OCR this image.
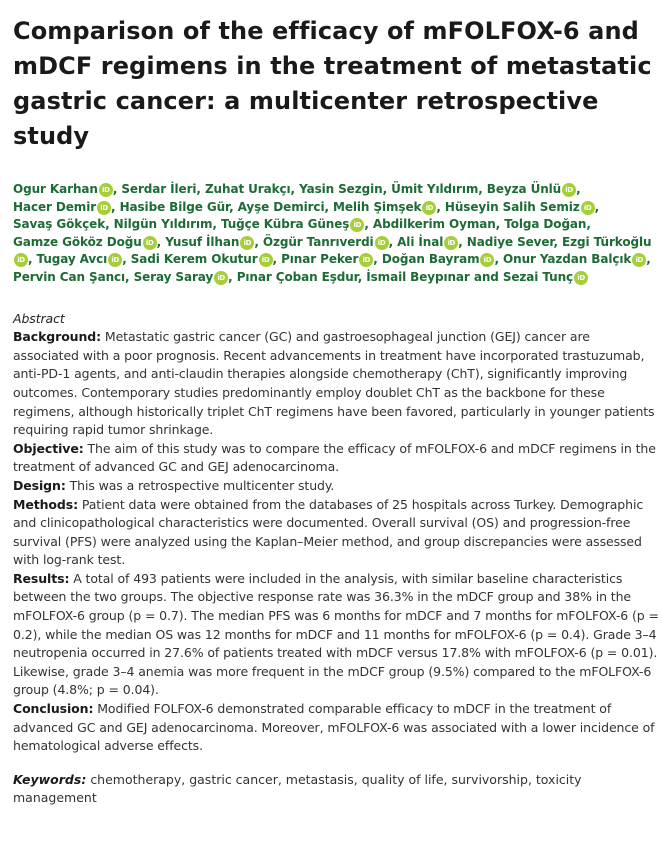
Comparison of the efficacy of mFOLFOX-6 and mDCF regimens in the treatment of metastatic gastric cancer: a multicenter retrospective study
Ogur Karhan iD , Serdar İleri, Zuhat Urakçı, Yasin Sezgin, Ümit Yıldırım, Beyza Ünlü iD , Hacer Demir iD , Hasibe Bilge Gür, Ayşe Demirci, Melih Şimşek iD , Hüseyin Salih Semiz iD , Savaş Gökçek, Nilgün Yıldırım, Tuğçe Kübra Güneş iD , Abdilkerim Oyman, Tolga Doğan, Gamze Gököz Doğu iD , Yusuf İlhan iD , Özgür Tanrıverdi iD , Ali İnal iD , Nadiye Sever, Ezgi TürkoğluiD , Tugay Avcı iD , Sadi Kerem Okutur iD , Pınar Peker iD , Doğan Bayram iD , Onur Yazdan Balçık iD , Pervin Can Şancı, Seray Saray iD , Pınar Çoban Eşdur, İsmail Beypınar and Sezai Tunç iD
Abstract

Background: Metastatic gastric cancer (GC) and gastroesophageal junction (GEJ) cancer are associated with a poor prognosis. Recent advancements in treatment have incorporated trastuzumab, anti-PD-1 agents, and anti-claudin therapies alongside chemotherapy (ChT), significantly improving outcomes. Contemporary studies predominantly employ doublet ChT as the backbone for these regimens, although historically triplet ChT regimens have been favored, particularly in younger patients requiring rapid tumor shrinkage.

Objective: The aim of this study was to compare the efficacy of mFOLFOX-6 and mDCF regimens in the treatment of advanced GC and GEJ adenocarcinoma.

Design: This was a retrospective multicenter study.

Methods: Patient data were obtained from the databases of 25 hospitals across Turkey. Demographic and clinicopathological characteristics were documented. Overall survival (OS) and progression-free survival (PFS) were analyzed using the Kaplan–Meier method, and group discrepancies were assessed with log-rank test.

Results: A total of 493 patients were included in the analysis, with similar baseline characteristics between the two groups. The objective response rate was 36.3% in the mDCF group and 38% in the mFOLFOX-6 group (p = 0.7). The median PFS was 6 months for mDCF and 7 months for mFOLFOX-6 (p = 0.2), while the median OS was 12 months for mDCF and 11 months for mFOLFOX-6 (p = 0.4). Grade 3–4 neutropenia occurred in 27.6% of patients treated with mDCF versus 17.8% with mFOLFOX-6 (p = 0.01). Likewise, grade 3–4 anemia was more frequent in the mDCF group (9.5%) compared to the mFOLFOX-6 group (4.8%; p = 0.04).

Conclusion: Modified FOLFOX-6 demonstrated comparable efficacy to mDCF in the treatment of advanced GC and GEJ adenocarcinoma. Moreover, mFOLFOX-6 was associated with a lower incidence of hematological adverse effects.

Keywords: chemotherapy, gastric cancer, metastasis, quality of life, survivorship, toxicity management
